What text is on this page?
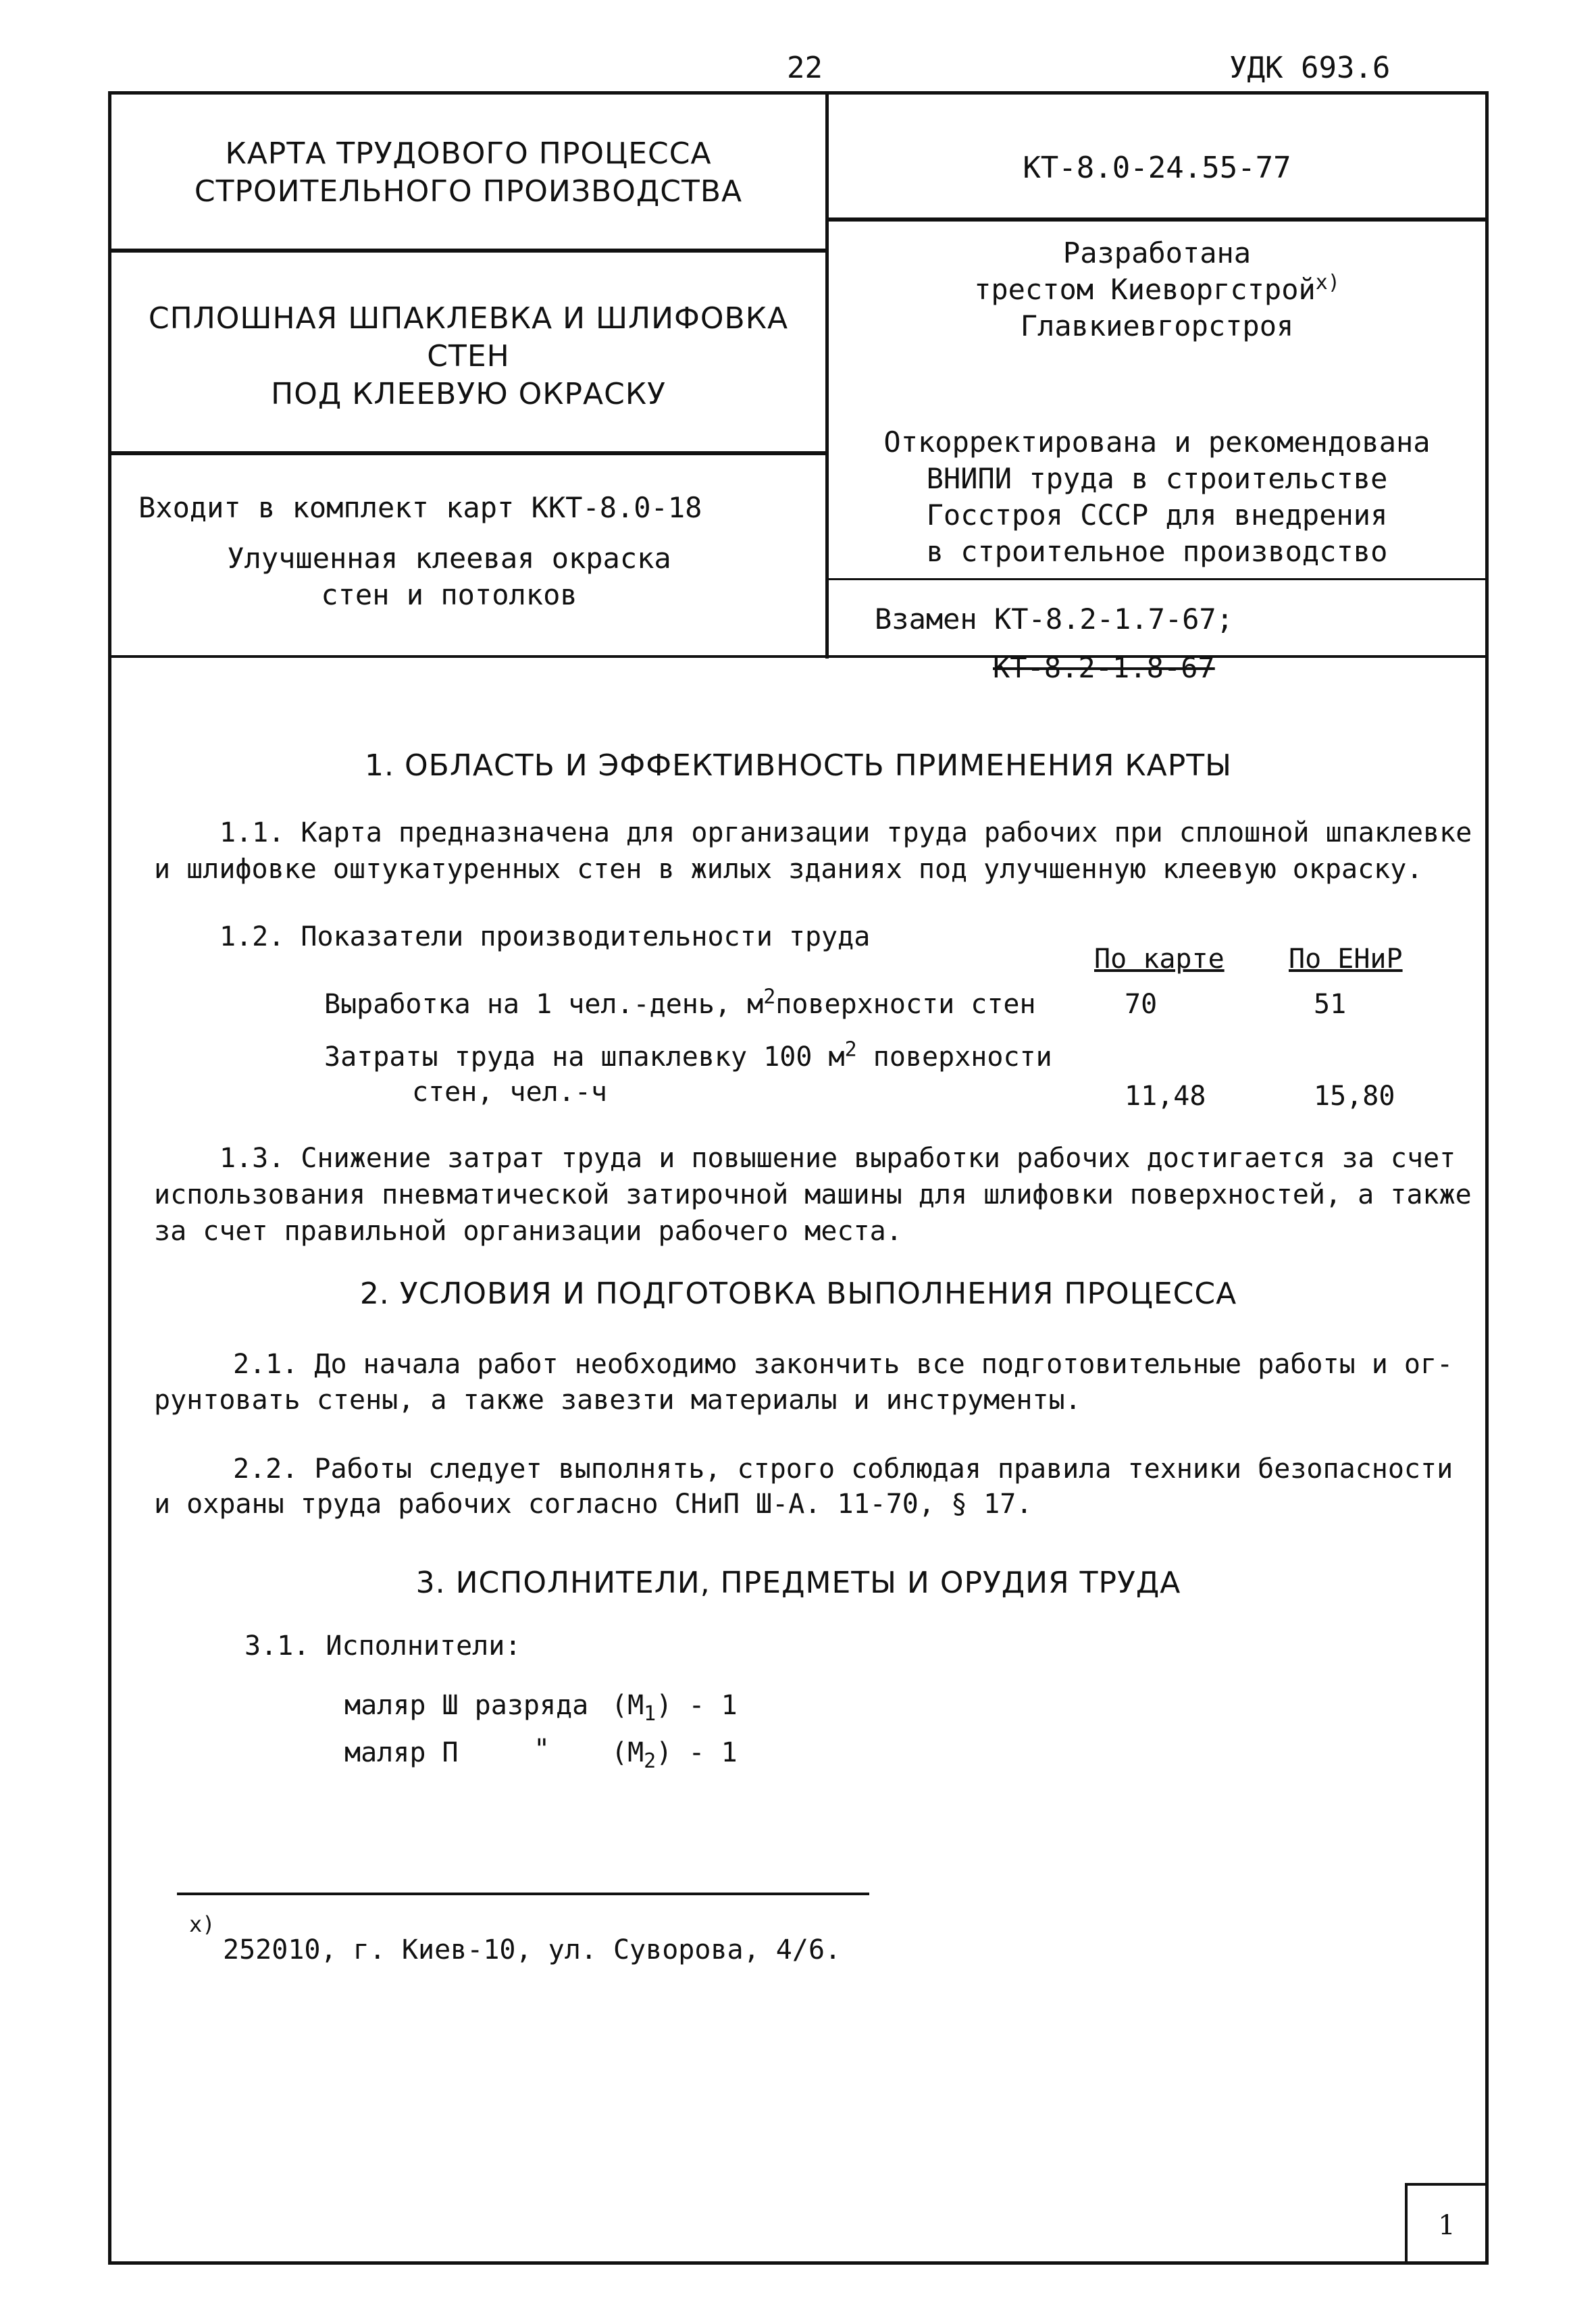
22	УДК 693.6
КАРТА ТРУДОВОГО ПРОЦЕССА
СТРОИТЕЛЬНОГО ПРОИЗВОДСТВА
КТ-8.0-24.55-77
СПЛОШНАЯ ШПАКЛЕВКА И ШЛИФОВКА СТЕН
ПОД КЛЕЕВУЮ ОКРАСКУ
Разработана
трестом Киеворгстрой$^{х)}$
Главкиевгорстроя
Откорректирована и рекомендована
ВНИПИ труда в строительстве
Госстроя СССР для внедрения
в строительное производство
Входит в комплект карт ККТ-8.0-18
Улучшенная клеевая окраска
стен и потолков
Взамен КТ-8.2-1.7-67;
КТ-8.2-1.8-67
1. ОБЛАСТЬ И ЭФФЕКТИВНОСТЬ ПРИМЕНЕНИЯ КАРТЫ
1.1. Карта предназначена для организации труда рабочих при сплошной шпаклевке
и шлифовке оштукатуренных стен в жилых зданиях под улучшенную клеевую окраску.
1.2. Показатели производительности труда
По карте По ЕНиР
Выработка на 1 чел.-день, $м^2поверхности$ стен	70	51
Затраты труда на шпаклевку 100 $м^2$ поверхности
стен, чел.-ч	11,48	15,80
1.3. Снижение затрат труда и повышение выработки рабочих достигается за счет
использования пневматической затирочной машины для шлифовки поверхностей, а также
за счет правильной организации рабочего места.
2. УСЛОВИЯ И ПОДГОТОВКА ВЫПОЛНЕНИЯ ПРОЦЕССА
2.1. До начала работ необходимо закончить все подготовительные работы и ог-
рунтовать стены, а также завезти материалы и инструменты.
2.2. Работы следует выполнять, строго соблюдая правила техники безопасности
и охраны труда рабочих согласно СНиП Ш-А. 11-70, § 17.
3. ИСПОЛНИТЕЛИ, ПРЕДМЕТЫ И ОРУДИЯ ТРУДА
3.1. Исполнители:
маляр Ш разряда $(М_1) - 1$
маляр П	" $(М_2) - 1$
х)
252010, г. Киев-10, ул. Суворова, 4/6.
1
